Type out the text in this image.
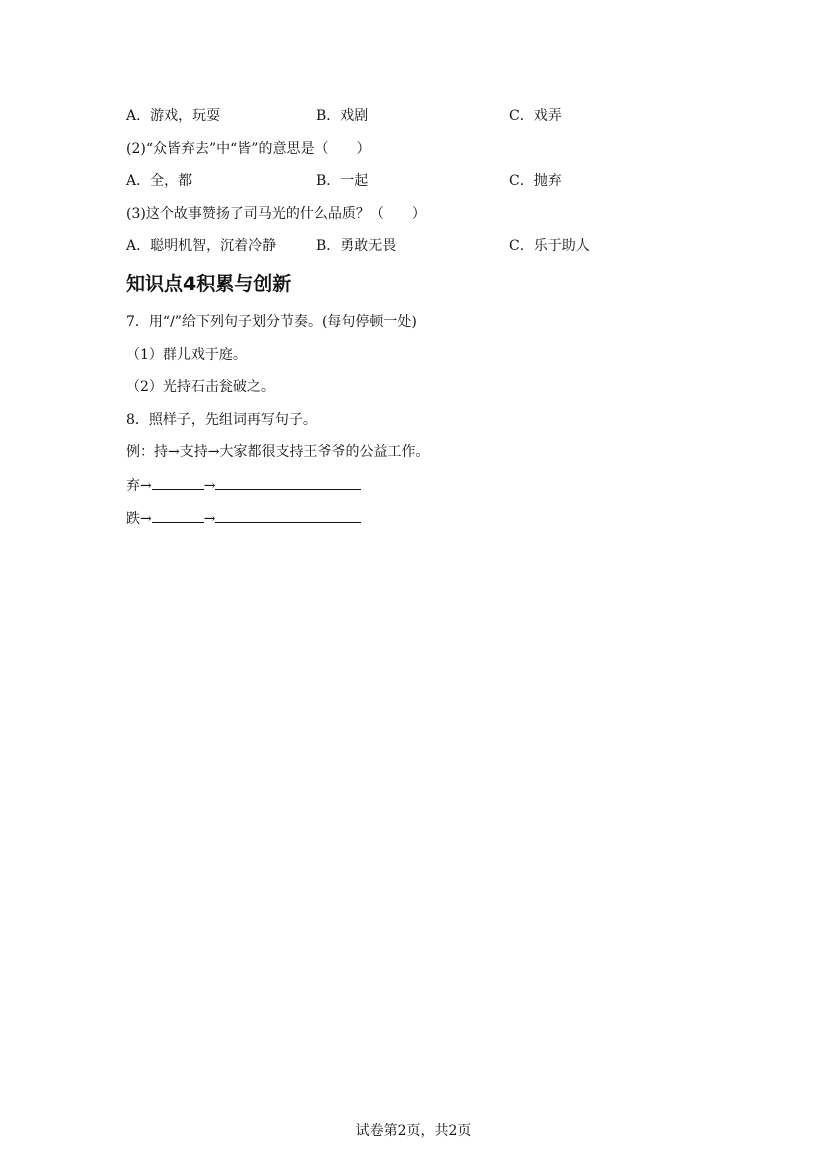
A．游戏，玩耍	B．戏剧	C．戏弄
(2)“众皆弃去”中“皆”的意思是（　　）
A．全，都	B．一起	C．抛弃
(3)这个故事赞扬了司马光的什么品质？（　　）
A．聪明机智，沉着冷静	B．勇敢无畏	C．乐于助人
知识点4积累与创新
7．用“/”给下列句子划分节奏。(每句停顿一处)
（1）群儿戏于庭。
（2）光持石击瓮破之。
8．照样子，先组词再写句子。
例：持→支持→大家都很支持王爷爷的公益工作。
弃→	→
跌→	→
试卷第2页，共2页
